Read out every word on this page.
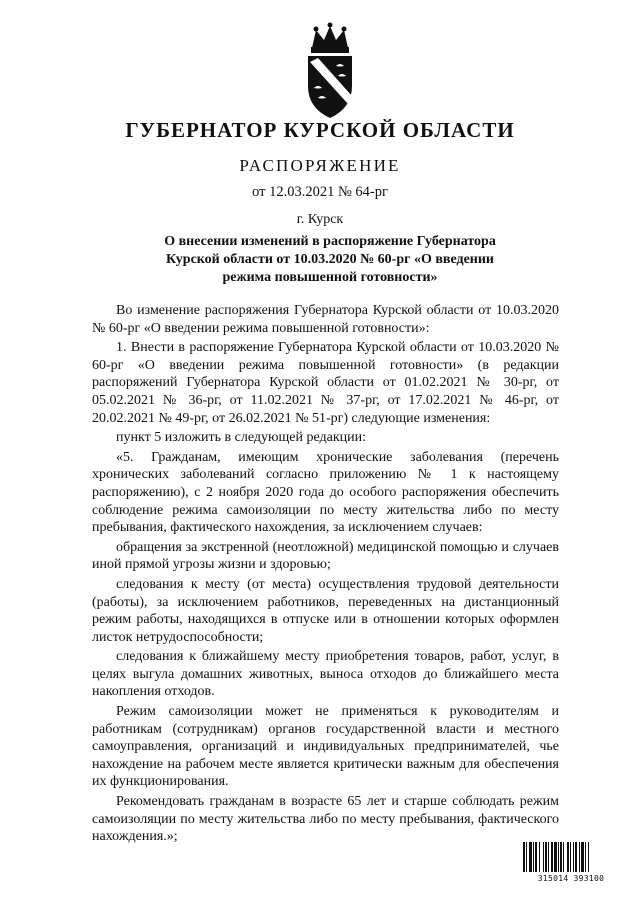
ГУБЕРНАТОР КУРСКОЙ ОБЛАСТИ
РАСПОРЯЖЕНИЕ
от 12.03.2021 № 64-рг
г. Курск
О внесении изменений в распоряжение Губернатора
Курской области от 10.03.2020 № 60-рг «О введении
режима повышенной готовности»

Во изменение распоряжения Губернатора Курской области от 10.03.2020 № 60-рг «О введении режима повышенной готовности»:

1. Внести в распоряжение Губернатора Курской области от 10.03.2020 № 60-рг «О введении режима повышенной готовности» (в редакции распоряжений Губернатора Курской области от 01.02.2021 № 30-рг, от 05.02.2021 № 36-рг, от 11.02.2021 № 37-рг, от 17.02.2021 № 46-рг, от 20.02.2021 № 49-рг, от 26.02.2021 № 51-рг) следующие изменения:

пункт 5 изложить в следующей редакции:

«5. Гражданам, имеющим хронические заболевания (перечень хронических заболеваний согласно приложению № 1 к настоящему распоряжению), с 2 ноября 2020 года до особого распоряжения обеспечить соблюдение режима самоизоляции по месту жительства либо по месту пребывания, фактического нахождения, за исключением случаев:

обращения за экстренной (неотложной) медицинской помощью и случаев иной прямой угрозы жизни и здоровью;

следования к месту (от места) осуществления трудовой деятельности (работы), за исключением работников, переведенных на дистанционный режим работы, находящихся в отпуске или в отношении которых оформлен листок нетрудоспособности;

следования к ближайшему месту приобретения товаров, работ, услуг, в целях выгула домашних животных, выноса отходов до ближайшего места накопления отходов.

Режим самоизоляции может не применяться к руководителям и работникам (сотрудникам) органов государственной власти и местного самоуправления, организаций и индивидуальных предпринимателей, чье нахождение на рабочем месте является критически важным для обеспечения их функционирования.

Рекомендовать гражданам в возрасте 65 лет и старше соблюдать режим самоизоляции по месту жительства либо по месту пребывания, фактического нахождения.»;

315014 393100
